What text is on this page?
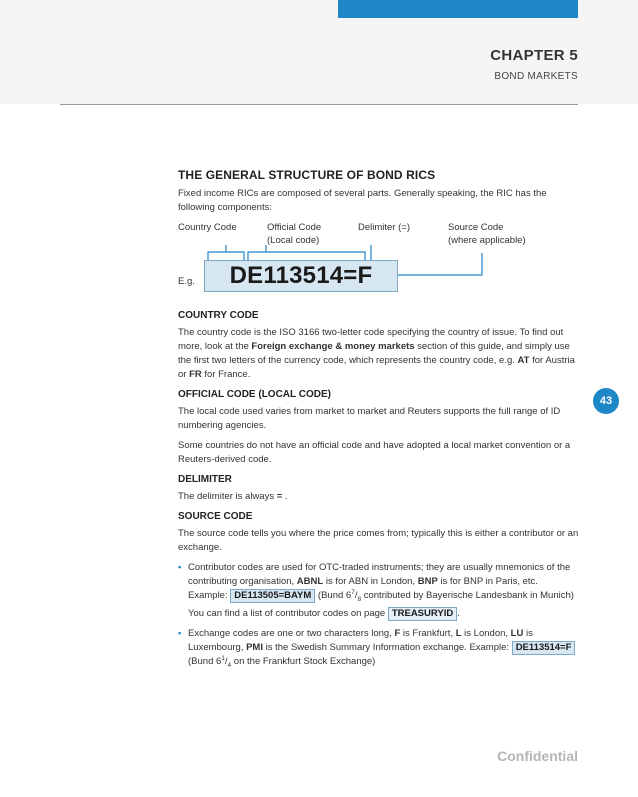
CHAPTER 5
BOND MARKETS
43
Confidential
THE GENERAL STRUCTURE OF BOND RICS

Fixed income RICs are composed of several parts. Generally speaking, the RIC has the following components:

Country Code	Official Code
(Local code)
Delimiter (=)	Source Code
(where applicable)
E.g.	DE113514=F
COUNTRY CODE

The country code is the ISO 3166 two-letter code specifying the country of issue. To find out more, look at the Foreign exchange & money markets section of this guide, and simply use the first two letters of the currency code, which represents the country code, e.g. AT for Austria or FR for France.

OFFICIAL CODE (LOCAL CODE)

The local code used varies from market to market and Reuters supports the full range of ID numbering agencies.

Some countries do not have an official code and have adopted a local market convention or a Reuters-derived code.

DELIMITER

The delimiter is always = .

SOURCE CODE

The source code tells you where the price comes from; typically this is either a contributor or an exchange.

• Contributor codes are used for OTC-traded instruments; they are usually mnemonics of the contributing organisation, ABNL is for ABN in London, BNP is for BNP in Paris, etc. Example: DE113505=BAYM (Bund $6^7/_8$ contributed by Bayerische Landesbank in Munich)

You can find a list of contributor codes on page TREASURYID .

• Exchange codes are one or two characters long, F is Frankfurt, L is London, LU is Luxembourg, PMI is the Swedish Summary Information exchange. Example: DE113514=F (Bund $6^1/_4$ on the Frankfurt Stock Exchange)
